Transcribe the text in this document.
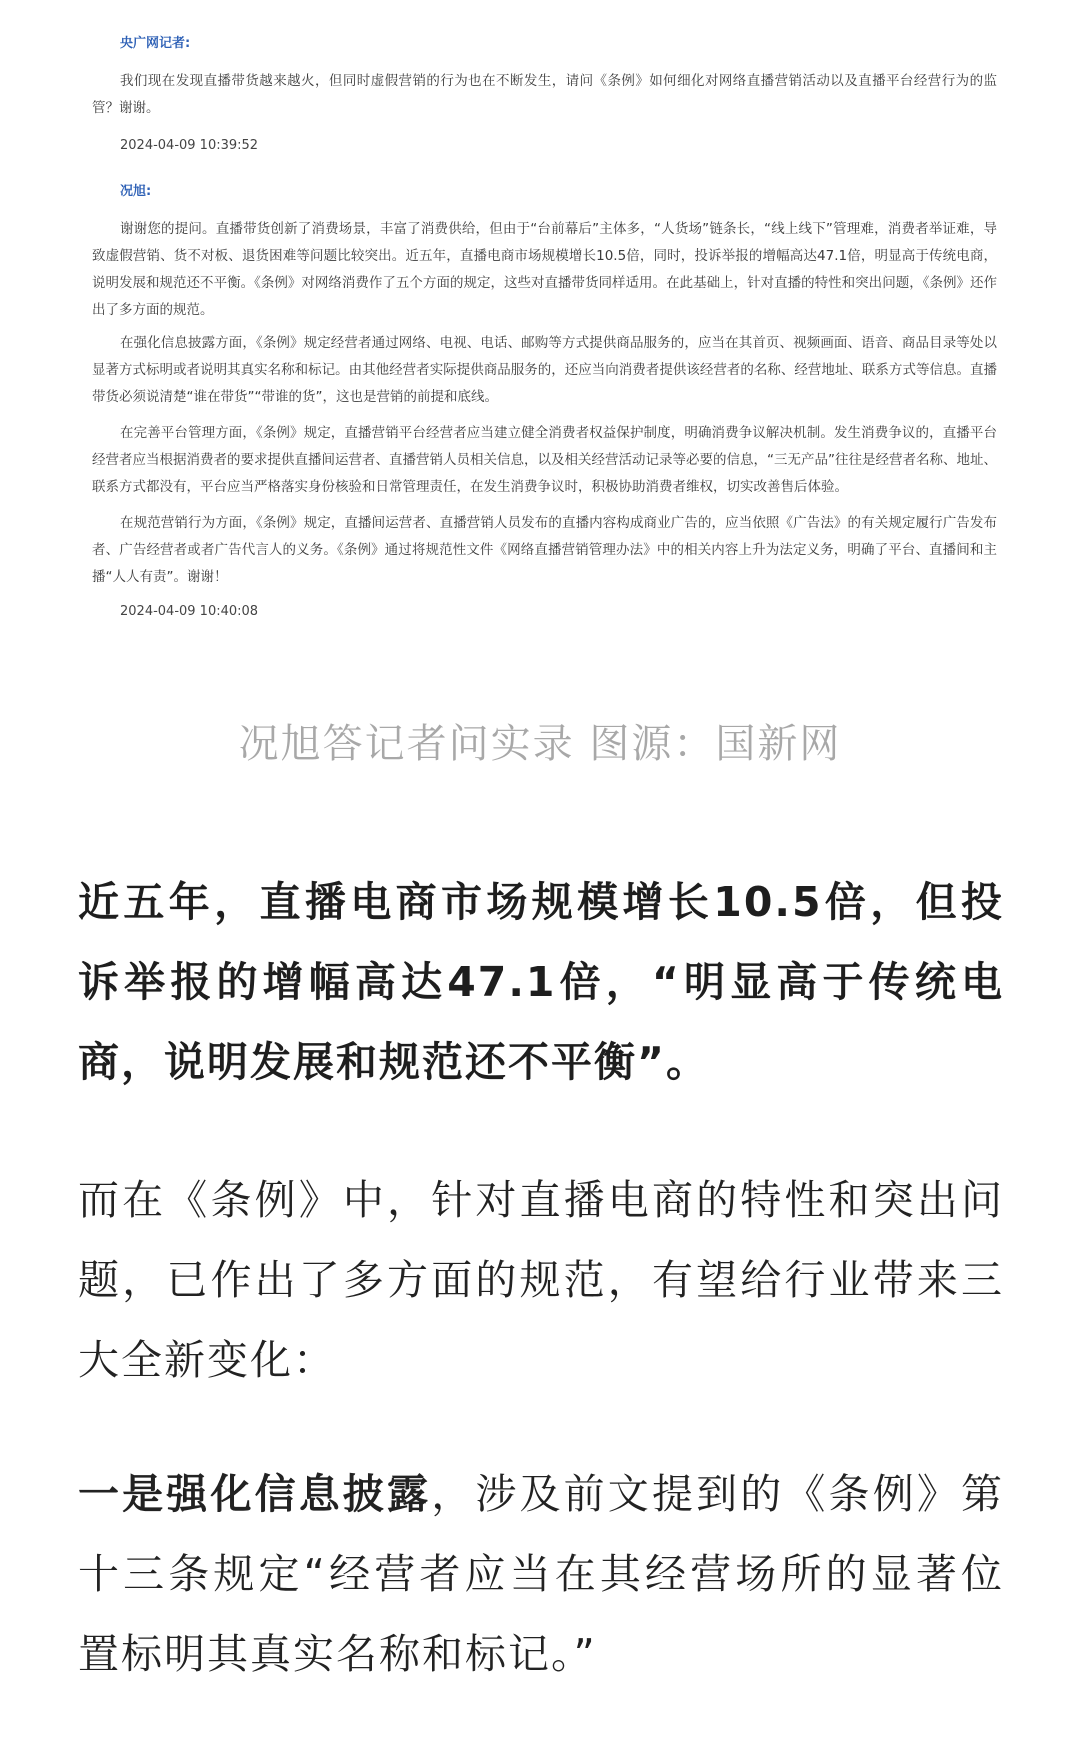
央广网记者:

我们现在发现直播带货越来越火，但同时虚假营销的行为也在不断发生，请问《条例》如何细化对网络直播营销活动以及直播平台经营行为的监管？谢谢。

2024-04-09 10:39:52

况旭:

谢谢您的提问。直播带货创新了消费场景，丰富了消费供给，但由于“台前幕后”主体多，“人货场”链条长，“线上线下”管理难，消费者举证难，导致虚假营销、货不对板、退货困难等问题比较突出。近五年，直播电商市场规模增长10.5倍，同时，投诉举报的增幅高达47.1倍，明显高于传统电商，说明发展和规范还不平衡。《条例》对网络消费作了五个方面的规定，这些对直播带货同样适用。在此基础上，针对直播的特性和突出问题，《条例》还作出了多方面的规范。

在强化信息披露方面，《条例》规定经营者通过网络、电视、电话、邮购等方式提供商品服务的，应当在其首页、视频画面、语音、商品目录等处以显著方式标明或者说明其真实名称和标记。由其他经营者实际提供商品服务的，还应当向消费者提供该经营者的名称、经营地址、联系方式等信息。直播带货必须说清楚“谁在带货”“带谁的货”，这也是营销的前提和底线。

在完善平台管理方面，《条例》规定，直播营销平台经营者应当建立健全消费者权益保护制度，明确消费争议解决机制。发生消费争议的，直播平台经营者应当根据消费者的要求提供直播间运营者、直播营销人员相关信息，以及相关经营活动记录等必要的信息，“三无产品”往往是经营者名称、地址、联系方式都没有，平台应当严格落实身份核验和日常管理责任，在发生消费争议时，积极协助消费者维权，切实改善售后体验。

在规范营销行为方面，《条例》规定，直播间运营者、直播营销人员发布的直播内容构成商业广告的，应当依照《广告法》的有关规定履行广告发布者、广告经营者或者广告代言人的义务。《条例》通过将规范性文件《网络直播营销管理办法》中的相关内容上升为法定义务，明确了平台、直播间和主播“人人有责”。谢谢！

2024-04-09 10:40:08

况旭答记者问实录 图源：国新网

近五年，直播电商市场规模增长10.5倍，但投诉举报的增幅高达47.1倍，“明显高于传统电商，说明发展和规范还不平衡”。

而在《条例》中，针对直播电商的特性和突出问题，已作出了多方面的规范，有望给行业带来三大全新变化：

一是强化信息披露，涉及前文提到的《条例》第十三条规定“经营者应当在其经营场所的显著位置标明其真实名称和标记。”
